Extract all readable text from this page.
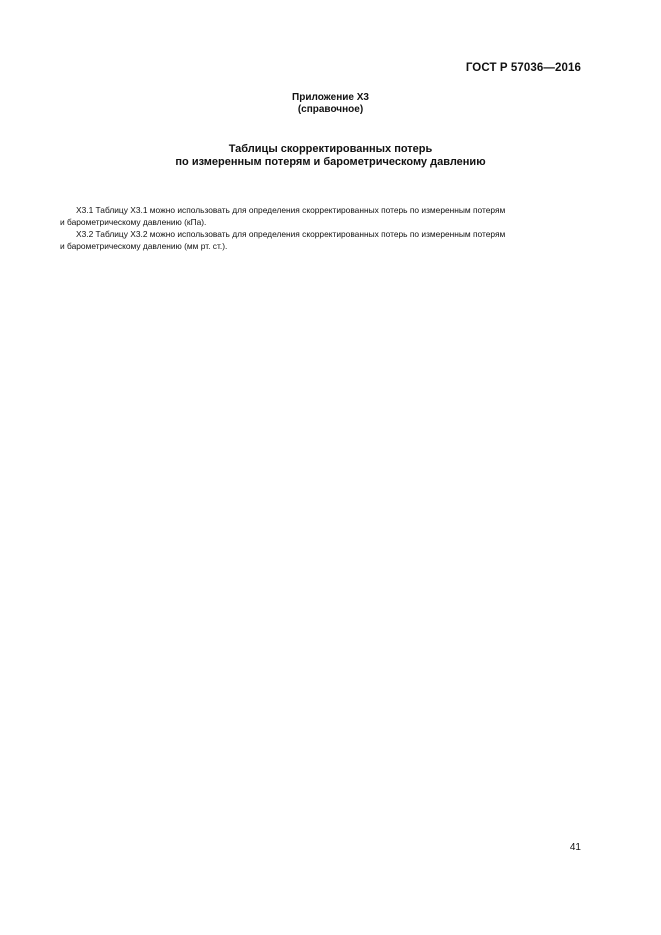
ГОСТ Р 57036—2016
Приложение Х3
(справочное)
Таблицы скорректированных потерь
по измеренным потерям и барометрическому давлению

Х3.1 Таблицу Х3.1 можно использовать для определения скорректированных потерь по измеренным потерям
и барометрическому давлению (кПа).

Х3.2 Таблицу Х3.2 можно использовать для определения скорректированных потерь по измеренным потерям
и барометрическому давлению (мм рт. ст.).

41
